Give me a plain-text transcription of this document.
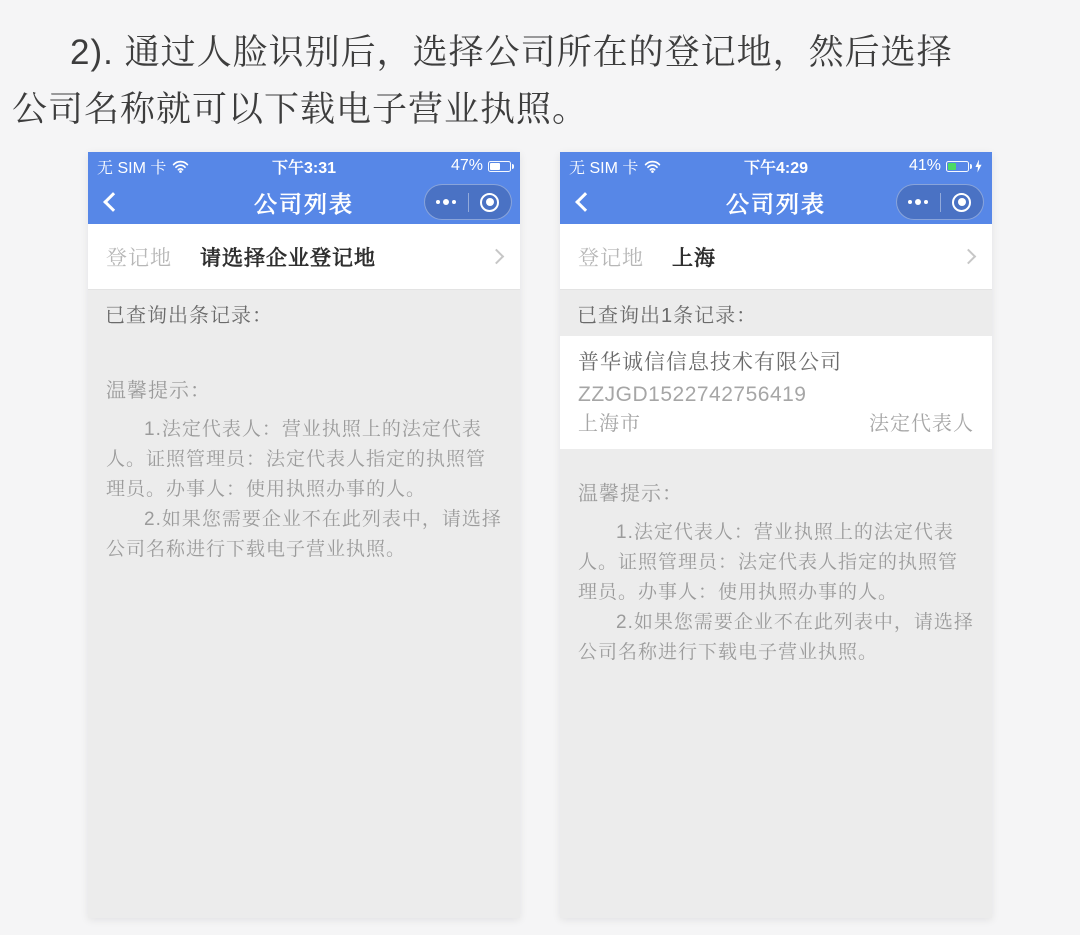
2). 通过人脸识别后，选择公司所在的登记地，然后选择
公司名称就可以下载电子营业执照。
无 SIM 卡	下午3:31	47%
公司列表
登记地 请选择企业登记地
已查询出条记录：
温馨提示：

1.法定代表人：营业执照上的法定代表人。证照管理员：法定代表人指定的执照管理员。办事人：使用执照办事的人。

2.如果您需要企业不在此列表中，请选择公司名称进行下载电子营业执照。

无 SIM 卡	下午4:29	41%
公司列表
登记地 上海
已查询出1条记录：
普华诚信信息技术有限公司
ZZJGD1522742756419
上海市	法定代表人
温馨提示：

1.法定代表人：营业执照上的法定代表人。证照管理员：法定代表人指定的执照管理员。办事人：使用执照办事的人。

2.如果您需要企业不在此列表中，请选择公司名称进行下载电子营业执照。
